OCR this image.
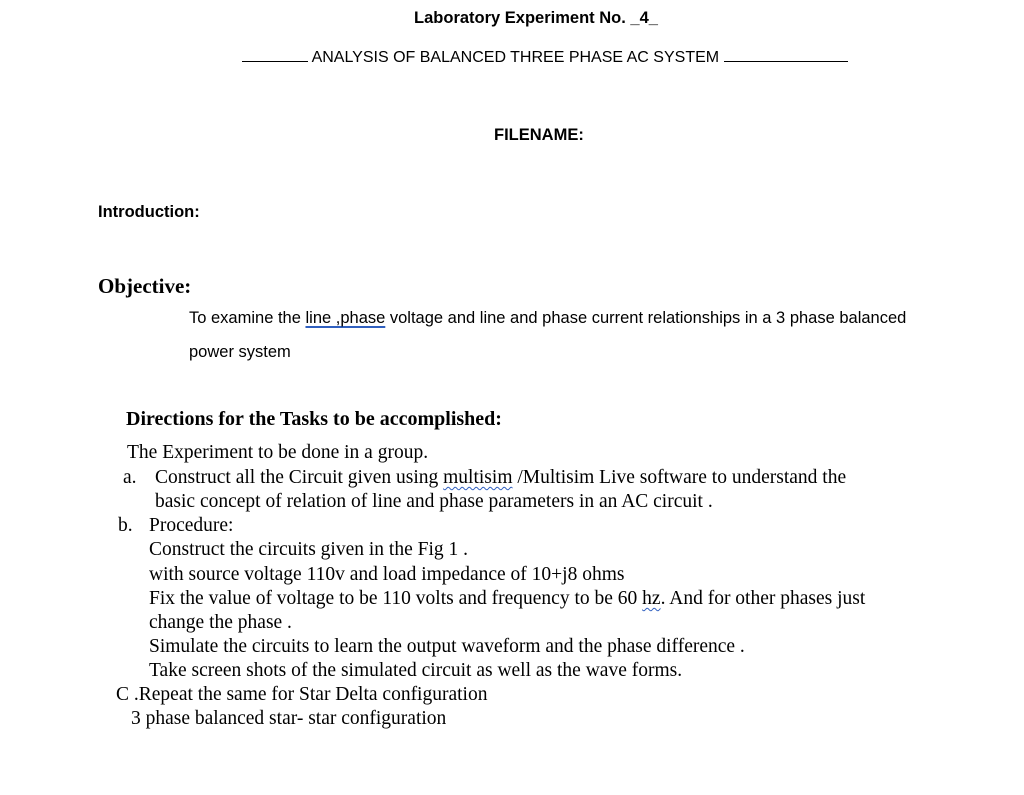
Laboratory Experiment No. _4_
ANALYSIS OF BALANCED THREE PHASE AC SYSTEM
FILENAME:
Introduction:
Objective:
To examine the line ,phase voltage and line and phase current relationships in a 3 phase balanced
power system
Directions for the Tasks to be accomplished:
The Experiment to be done in a group.
a. Construct all the Circuit given using multisim /Multisim Live software to understand the
basic concept of relation of line and phase parameters in an AC circuit .
b. Procedure:
Construct the circuits given in the Fig 1 .
with source voltage 110v and load impedance of 10+j8 ohms
Fix the value of voltage to be 110 volts and frequency to be 60 hz. And for other phases just
change the phase .
Simulate the circuits to learn the output waveform and the phase difference .
Take screen shots of the simulated circuit as well as the wave forms.
C .Repeat the same for Star Delta configuration
3 phase balanced star- star configuration
